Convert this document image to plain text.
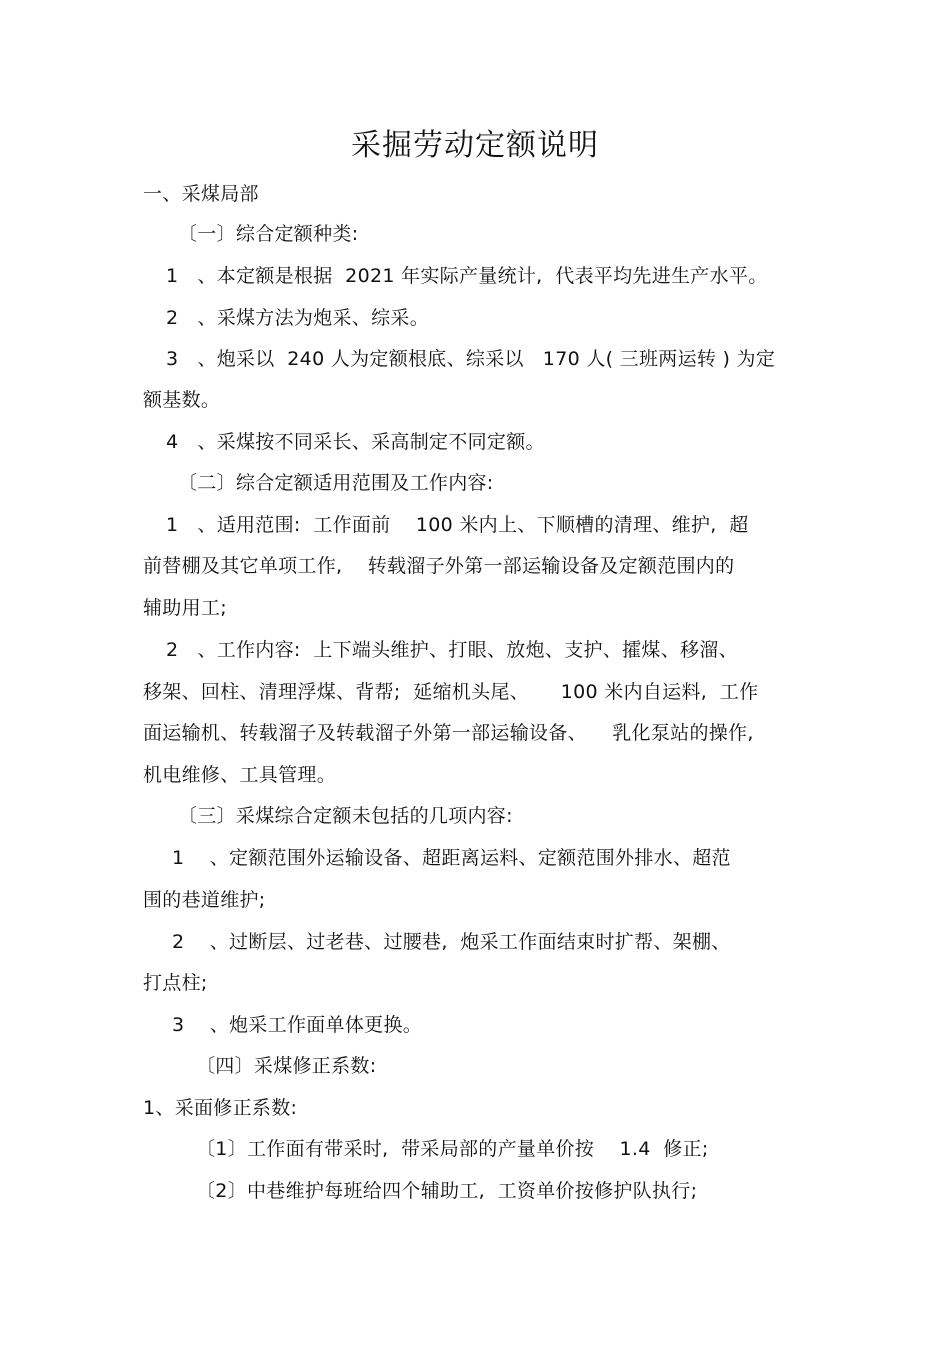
采掘劳动定额说明
一、采煤局部
〔一〕综合定额种类:
1   、本定额是根据  2021 年实际产量统计,  代表平均先进生产水平。
2   、采煤方法为炮采、综采。
3   、炮采以  240 人为定额根底、综采以   170 人( 三班两运转 ) 为定
额基数。
4   、采煤按不同采长、采高制定不同定额。
〔二〕综合定额适用范围及工作内容:
1   、适用范围:  工作面前    100 米内上、下顺槽的清理、维护,  超
前替棚及其它单项工作,    转载溜子外第一部运输设备及定额范围内的
辅助用工;
2   、工作内容:  上下端头维护、打眼、放炮、支护、攉煤、移溜、
移架、回柱、清理浮煤、背帮;  延缩机头尾、     100 米内自运料,  工作
面运输机、转载溜子及转载溜子外第一部运输设备、    乳化泵站的操作,
机电维修、工具管理。
〔三〕采煤综合定额未包括的几项内容:
1    、定额范围外运输设备、超距离运料、定额范围外排水、超范
围的巷道维护;
2    、过断层、过老巷、过腰巷,  炮采工作面结束时扩帮、架棚、
打点柱;
3    、炮采工作面单体更换。
〔四〕采煤修正系数:
1、采面修正系数:
〔1〕工作面有带采时,  带采局部的产量单价按    1.4  修正;
〔2〕中巷维护每班给四个辅助工,  工资单价按修护队执行;
